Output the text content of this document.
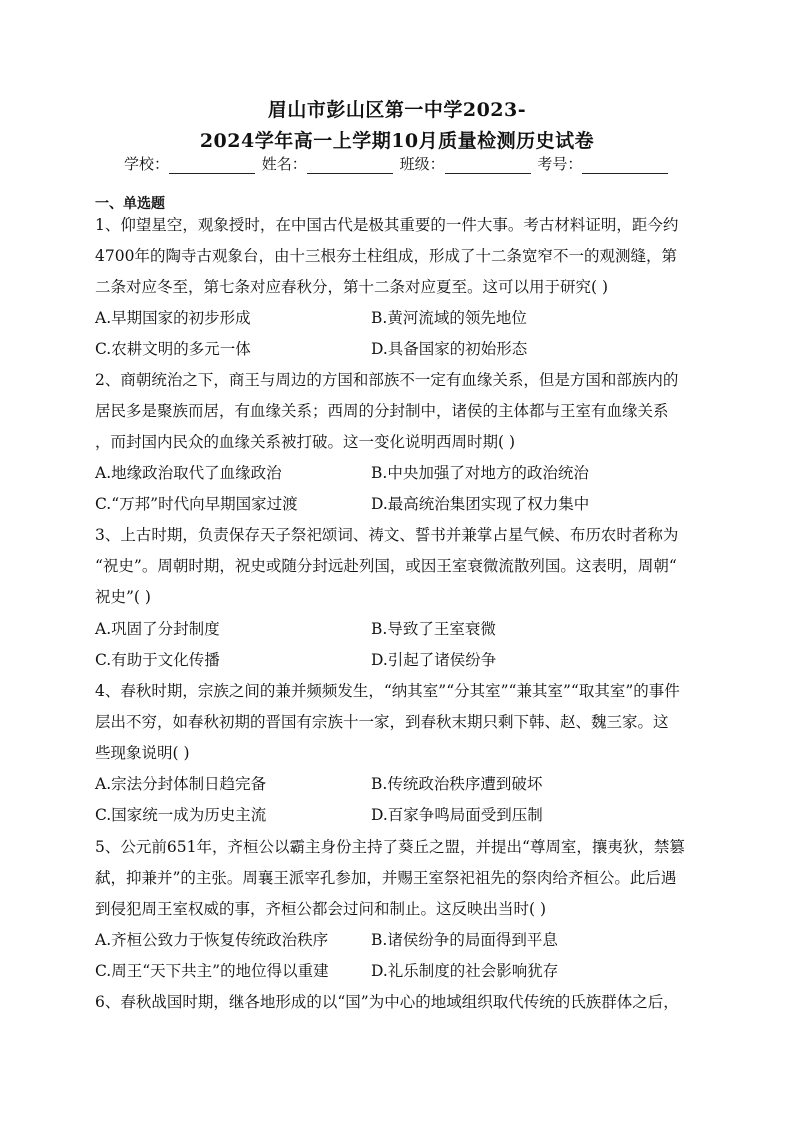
眉山市彭山区第一中学2023-
2024学年高一上学期10月质量检测历史试卷
学校：	姓名：	班级：	考号：
一、单选题
1、仰望星空，观象授时，在中国古代是极其重要的一件大事。考古材料证明，距今约
4700年的陶寺古观象台，由十三根夯土柱组成，形成了十二条宽窄不一的观测缝，第
二条对应冬至，第七条对应春秋分，第十二条对应夏至。这可以用于研究( )
A.早期国家的初步形成	B.黄河流域的领先地位
C.农耕文明的多元一体	D.具备国家的初始形态
2、商朝统治之下，商王与周边的方国和部族不一定有血缘关系，但是方国和部族内的
居民多是聚族而居，有血缘关系；西周的分封制中，诸侯的主体都与王室有血缘关系
，而封国内民众的血缘关系被打破。这一变化说明西周时期( )
A.地缘政治取代了血缘政治	B.中央加强了对地方的政治统治
C.“万邦”时代向早期国家过渡	D.最高统治集团实现了权力集中
3、上古时期，负责保存天子祭祀颂词、祷文、誓书并兼掌占星气候、布历农时者称为
“祝史”。周朝时期，祝史或随分封远赴列国，或因王室衰微流散列国。这表明，周朝“
祝史”( )
A.巩固了分封制度	B.导致了王室衰微
C.有助于文化传播	D.引起了诸侯纷争
4、春秋时期，宗族之间的兼并频频发生，“纳其室”“分其室”“兼其室”“取其室”的事件
层出不穷，如春秋初期的晋国有宗族十一家，到春秋末期只剩下韩、赵、魏三家。这
些现象说明( )
A.宗法分封体制日趋完备	B.传统政治秩序遭到破坏
C.国家统一成为历史主流	D.百家争鸣局面受到压制
5、公元前651年，齐桓公以霸主身份主持了葵丘之盟，并提出“尊周室，攘夷狄，禁篡
弑，抑兼并”的主张。周襄王派宰孔参加，并赐王室祭祀祖先的祭肉给齐桓公。此后遇
到侵犯周王室权威的事，齐桓公都会过问和制止。这反映出当时( )
A.齐桓公致力于恢复传统政治秩序	B.诸侯纷争的局面得到平息
C.周王“天下共主”的地位得以重建	D.礼乐制度的社会影响犹存
6、春秋战国时期，继各地形成的以“国”为中心的地域组织取代传统的氏族群体之后，
